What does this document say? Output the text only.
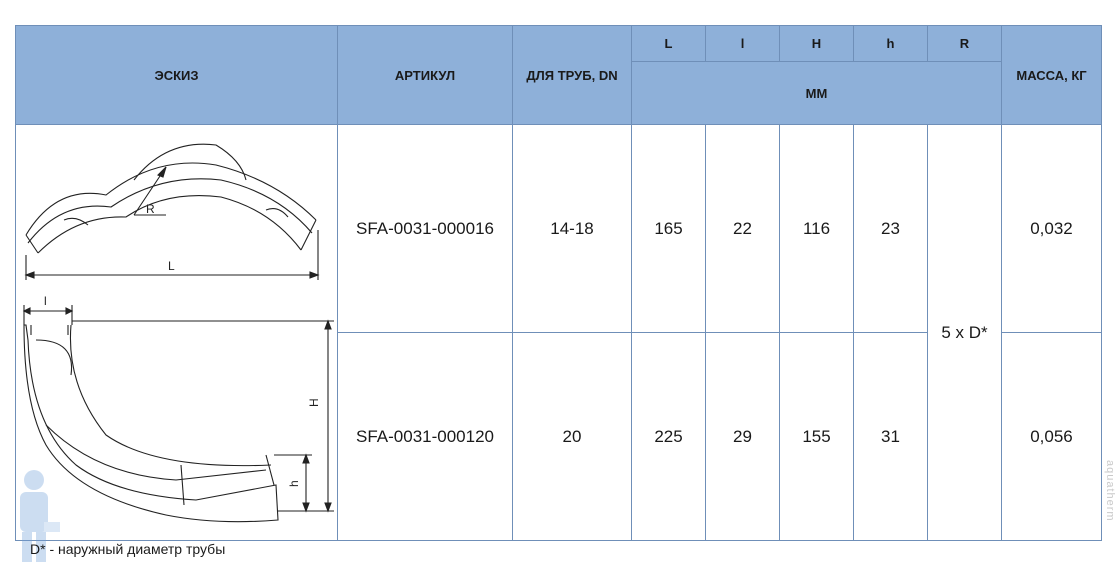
ЭСКИЗ	АРТИКУЛ	ДЛЯ ТРУБ, DN	L	l	H	h	R	МАССА, КГ
			ММ					

R
L
l
H
h	SFA-0031-000016	14-18	165	22	116	23	5 x D*	0,032
	SFA-0031-000120	20	225	29	155	31		0,056
D* - наружный диаметр трубы
aquatherm
